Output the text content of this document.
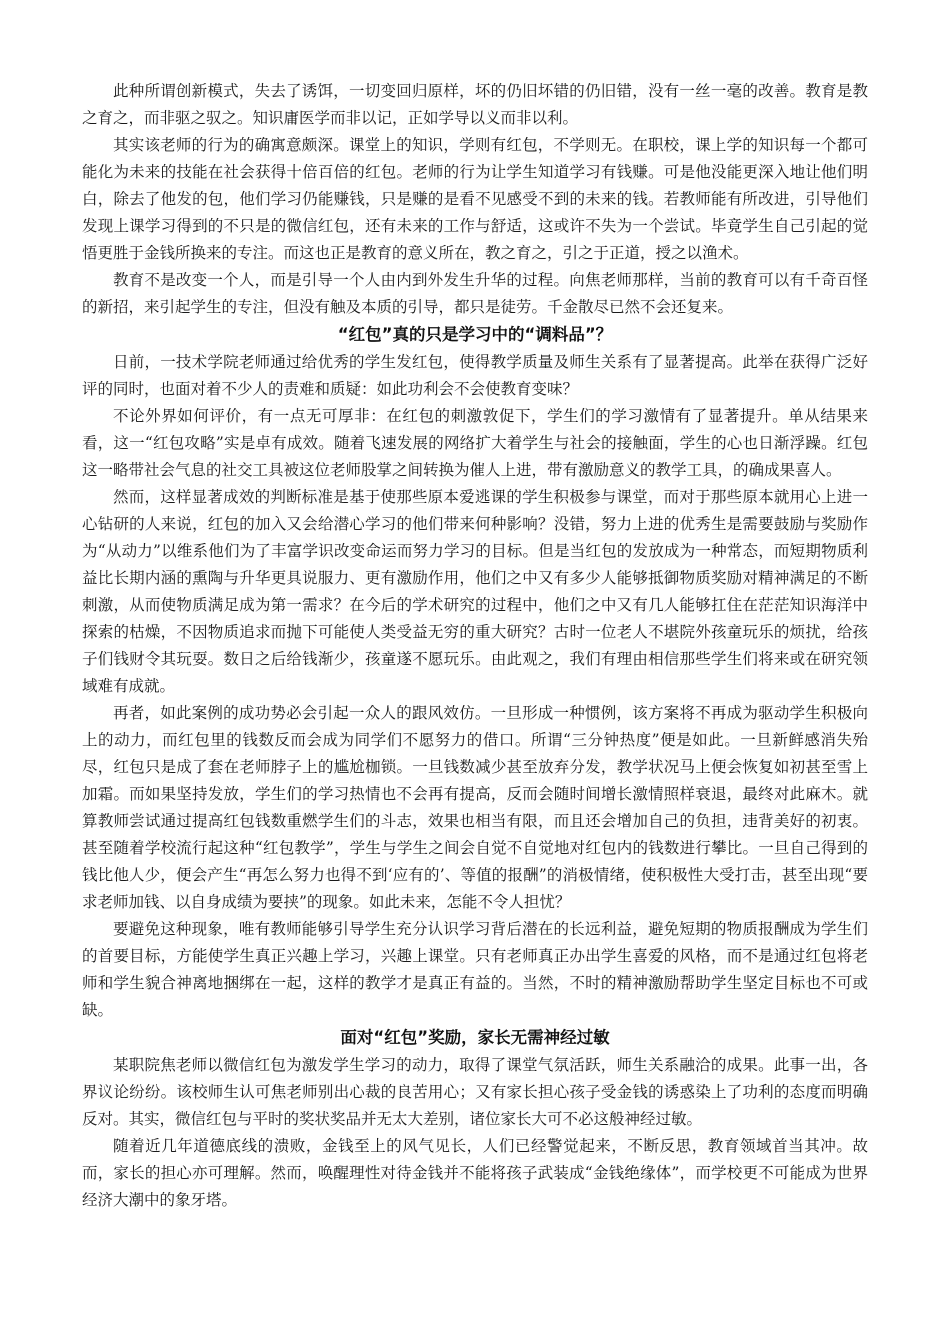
此种所谓创新模式，失去了诱饵，一切变回归原样，坏的仍旧坏错的仍旧错，没有一丝一毫的改善。教育是教之育之，而非驱之驭之。知识庸医学而非以记，正如学导以义而非以利。

其实该老师的行为的确寓意颇深。课堂上的知识，学则有红包，不学则无。在职校，课上学的知识每一个都可能化为未来的技能在社会获得十倍百倍的红包。老师的行为让学生知道学习有钱赚。可是他没能更深入地让他们明白，除去了他发的包，他们学习仍能赚钱，只是赚的是看不见感受不到的未来的钱。若教师能有所改进，引导他们发现上课学习得到的不只是的微信红包，还有未来的工作与舒适，这或许不失为一个尝试。毕竟学生自己引起的觉悟更胜于金钱所换来的专注。而这也正是教育的意义所在，教之育之，引之于正道，授之以渔术。

教育不是改变一个人，而是引导一个人由内到外发生升华的过程。向焦老师那样，当前的教育可以有千奇百怪的新招，来引起学生的专注，但没有触及本质的引导，都只是徒劳。千金散尽已然不会还复来。

“红包”真的只是学习中的“调料品”？

日前，一技术学院老师通过给优秀的学生发红包，使得教学质量及师生关系有了显著提高。此举在获得广泛好评的同时，也面对着不少人的责难和质疑：如此功利会不会使教育变味？

不论外界如何评价，有一点无可厚非：在红包的刺激敦促下，学生们的学习激情有了显著提升。单从结果来看，这一“红包攻略”实是卓有成效。随着飞速发展的网络扩大着学生与社会的接触面，学生的心也日渐浮躁。红包这一略带社会气息的社交工具被这位老师股掌之间转换为催人上进，带有激励意义的教学工具，的确成果喜人。

然而，这样显著成效的判断标准是基于使那些原本爱逃课的学生积极参与课堂，而对于那些原本就用心上进一心钻研的人来说，红包的加入又会给潜心学习的他们带来何种影响？没错，努力上进的优秀生是需要鼓励与奖励作为“从动力”以维系他们为了丰富学识改变命运而努力学习的目标。但是当红包的发放成为一种常态，而短期物质利益比长期内涵的熏陶与升华更具说服力、更有激励作用，他们之中又有多少人能够抵御物质奖励对精神满足的不断刺激，从而使物质满足成为第一需求？在今后的学术研究的过程中，他们之中又有几人能够扛住在茫茫知识海洋中探索的枯燥，不因物质追求而抛下可能使人类受益无穷的重大研究？古时一位老人不堪院外孩童玩乐的烦扰，给孩子们钱财令其玩耍。数日之后给钱渐少，孩童遂不愿玩乐。由此观之，我们有理由相信那些学生们将来或在研究领域难有成就。

再者，如此案例的成功势必会引起一众人的跟风效仿。一旦形成一种惯例，该方案将不再成为驱动学生积极向上的动力，而红包里的钱数反而会成为同学们不愿努力的借口。所谓“三分钟热度”便是如此。一旦新鲜感消失殆尽，红包只是成了套在老师脖子上的尴尬枷锁。一旦钱数减少甚至放弃分发，教学状况马上便会恢复如初甚至雪上加霜。而如果坚持发放，学生们的学习热情也不会再有提高，反而会随时间增长激情照样衰退，最终对此麻木。就算教师尝试通过提高红包钱数重燃学生们的斗志，效果也相当有限，而且还会增加自己的负担，违背美好的初衷。甚至随着学校流行起这种“红包教学”，学生与学生之间会自觉不自觉地对红包内的钱数进行攀比。一旦自己得到的钱比他人少，便会产生“再怎么努力也得不到‘应有的’、等值的报酬”的消极情绪，使积极性大受打击，甚至出现“要求老师加钱、以自身成绩为要挟”的现象。如此未来，怎能不令人担忧？

要避免这种现象，唯有教师能够引导学生充分认识学习背后潜在的长远利益，避免短期的物质报酬成为学生们的首要目标，方能使学生真正兴趣上学习，兴趣上课堂。只有老师真正办出学生喜爱的风格，而不是通过红包将老师和学生貌合神离地捆绑在一起，这样的教学才是真正有益的。当然，不时的精神激励帮助学生坚定目标也不可或缺。

面对“红包”奖励，家长无需神经过敏

某职院焦老师以微信红包为激发学生学习的动力，取得了课堂气氛活跃，师生关系融洽的成果。此事一出，各界议论纷纷。该校师生认可焦老师别出心裁的良苦用心；又有家长担心孩子受金钱的诱惑染上了功利的态度而明确反对。其实，微信红包与平时的奖状奖品并无太大差别，诸位家长大可不必这般神经过敏。

随着近几年道德底线的溃败，金钱至上的风气见长，人们已经警觉起来，不断反思，教育领域首当其冲。故而，家长的担心亦可理解。然而，唤醒理性对待金钱并不能将孩子武装成“金钱绝缘体”，而学校更不可能成为世界经济大潮中的象牙塔。
